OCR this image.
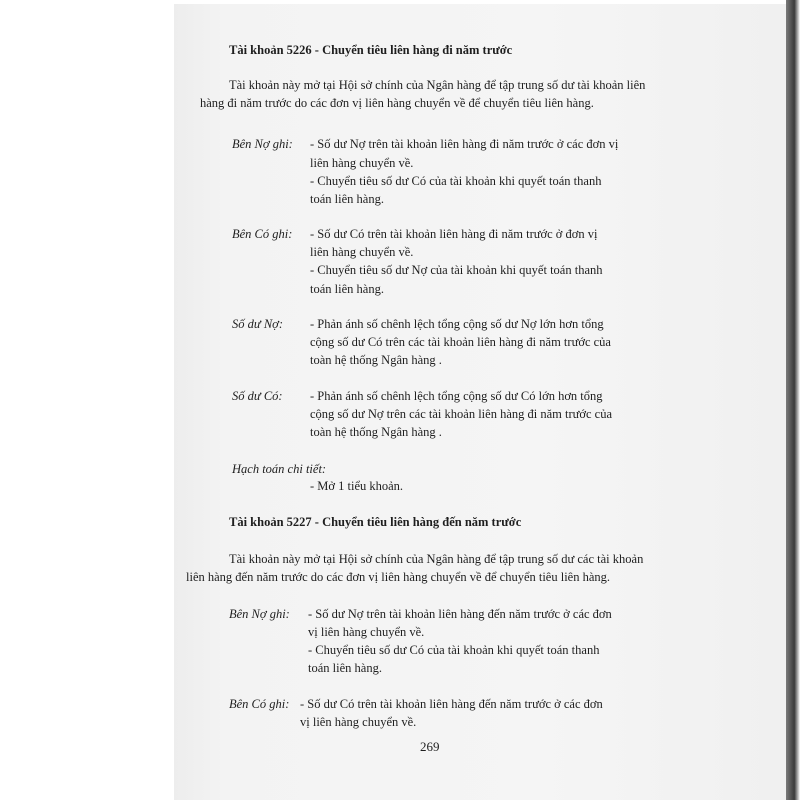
Tài khoản 5226 - Chuyển tiêu liên hàng đi năm trước
Tài khoản này mở tại Hội sở chính của Ngân hàng để tập trung số dư tài khoản liên
hàng đi năm trước do các đơn vị liên hàng chuyển về để chuyển tiêu liên hàng.
Bên Nợ ghi: - Số dư Nợ trên tài khoản liên hàng đi năm trước ở các đơn vị
liên hàng chuyển về.
- Chuyển tiêu số dư Có của tài khoản khi quyết toán thanh
toán liên hàng.
Bên Có ghi: - Số dư Có trên tài khoản liên hàng đi năm trước ở đơn vị
liên hàng chuyển về.
- Chuyển tiêu số dư Nợ của tài khoản khi quyết toán thanh
toán liên hàng.
Số dư Nợ: - Phản ánh số chênh lệch tổng cộng số dư Nợ lớn hơn tổng
cộng số dư Có trên các tài khoản liên hàng đi năm trước của
toàn hệ thống Ngân hàng .
Số dư Có: - Phản ánh số chênh lệch tổng cộng số dư Có lớn hơn tổng
cộng số dư Nợ trên các tài khoản liên hàng đi năm trước của
toàn hệ thống Ngân hàng .
Hạch toán chi tiết:
- Mở 1 tiểu khoản.
Tài khoản 5227 - Chuyển tiêu liên hàng đến năm trước
Tài khoản này mở tại Hội sở chính của Ngân hàng để tập trung số dư các tài khoản
liên hàng đến năm trước do các đơn vị liên hàng chuyển về để chuyển tiêu liên hàng.
Bên Nợ ghi: - Số dư Nợ trên tài khoản liên hàng đến năm trước ở các đơn
vị liên hàng chuyển về.
- Chuyển tiêu số dư Có của tài khoản khi quyết toán thanh
toán liên hàng.
Bên Có ghi: - Số dư Có trên tài khoản liên hàng đến năm trước ở các đơn
vị liên hàng chuyển về.
269
